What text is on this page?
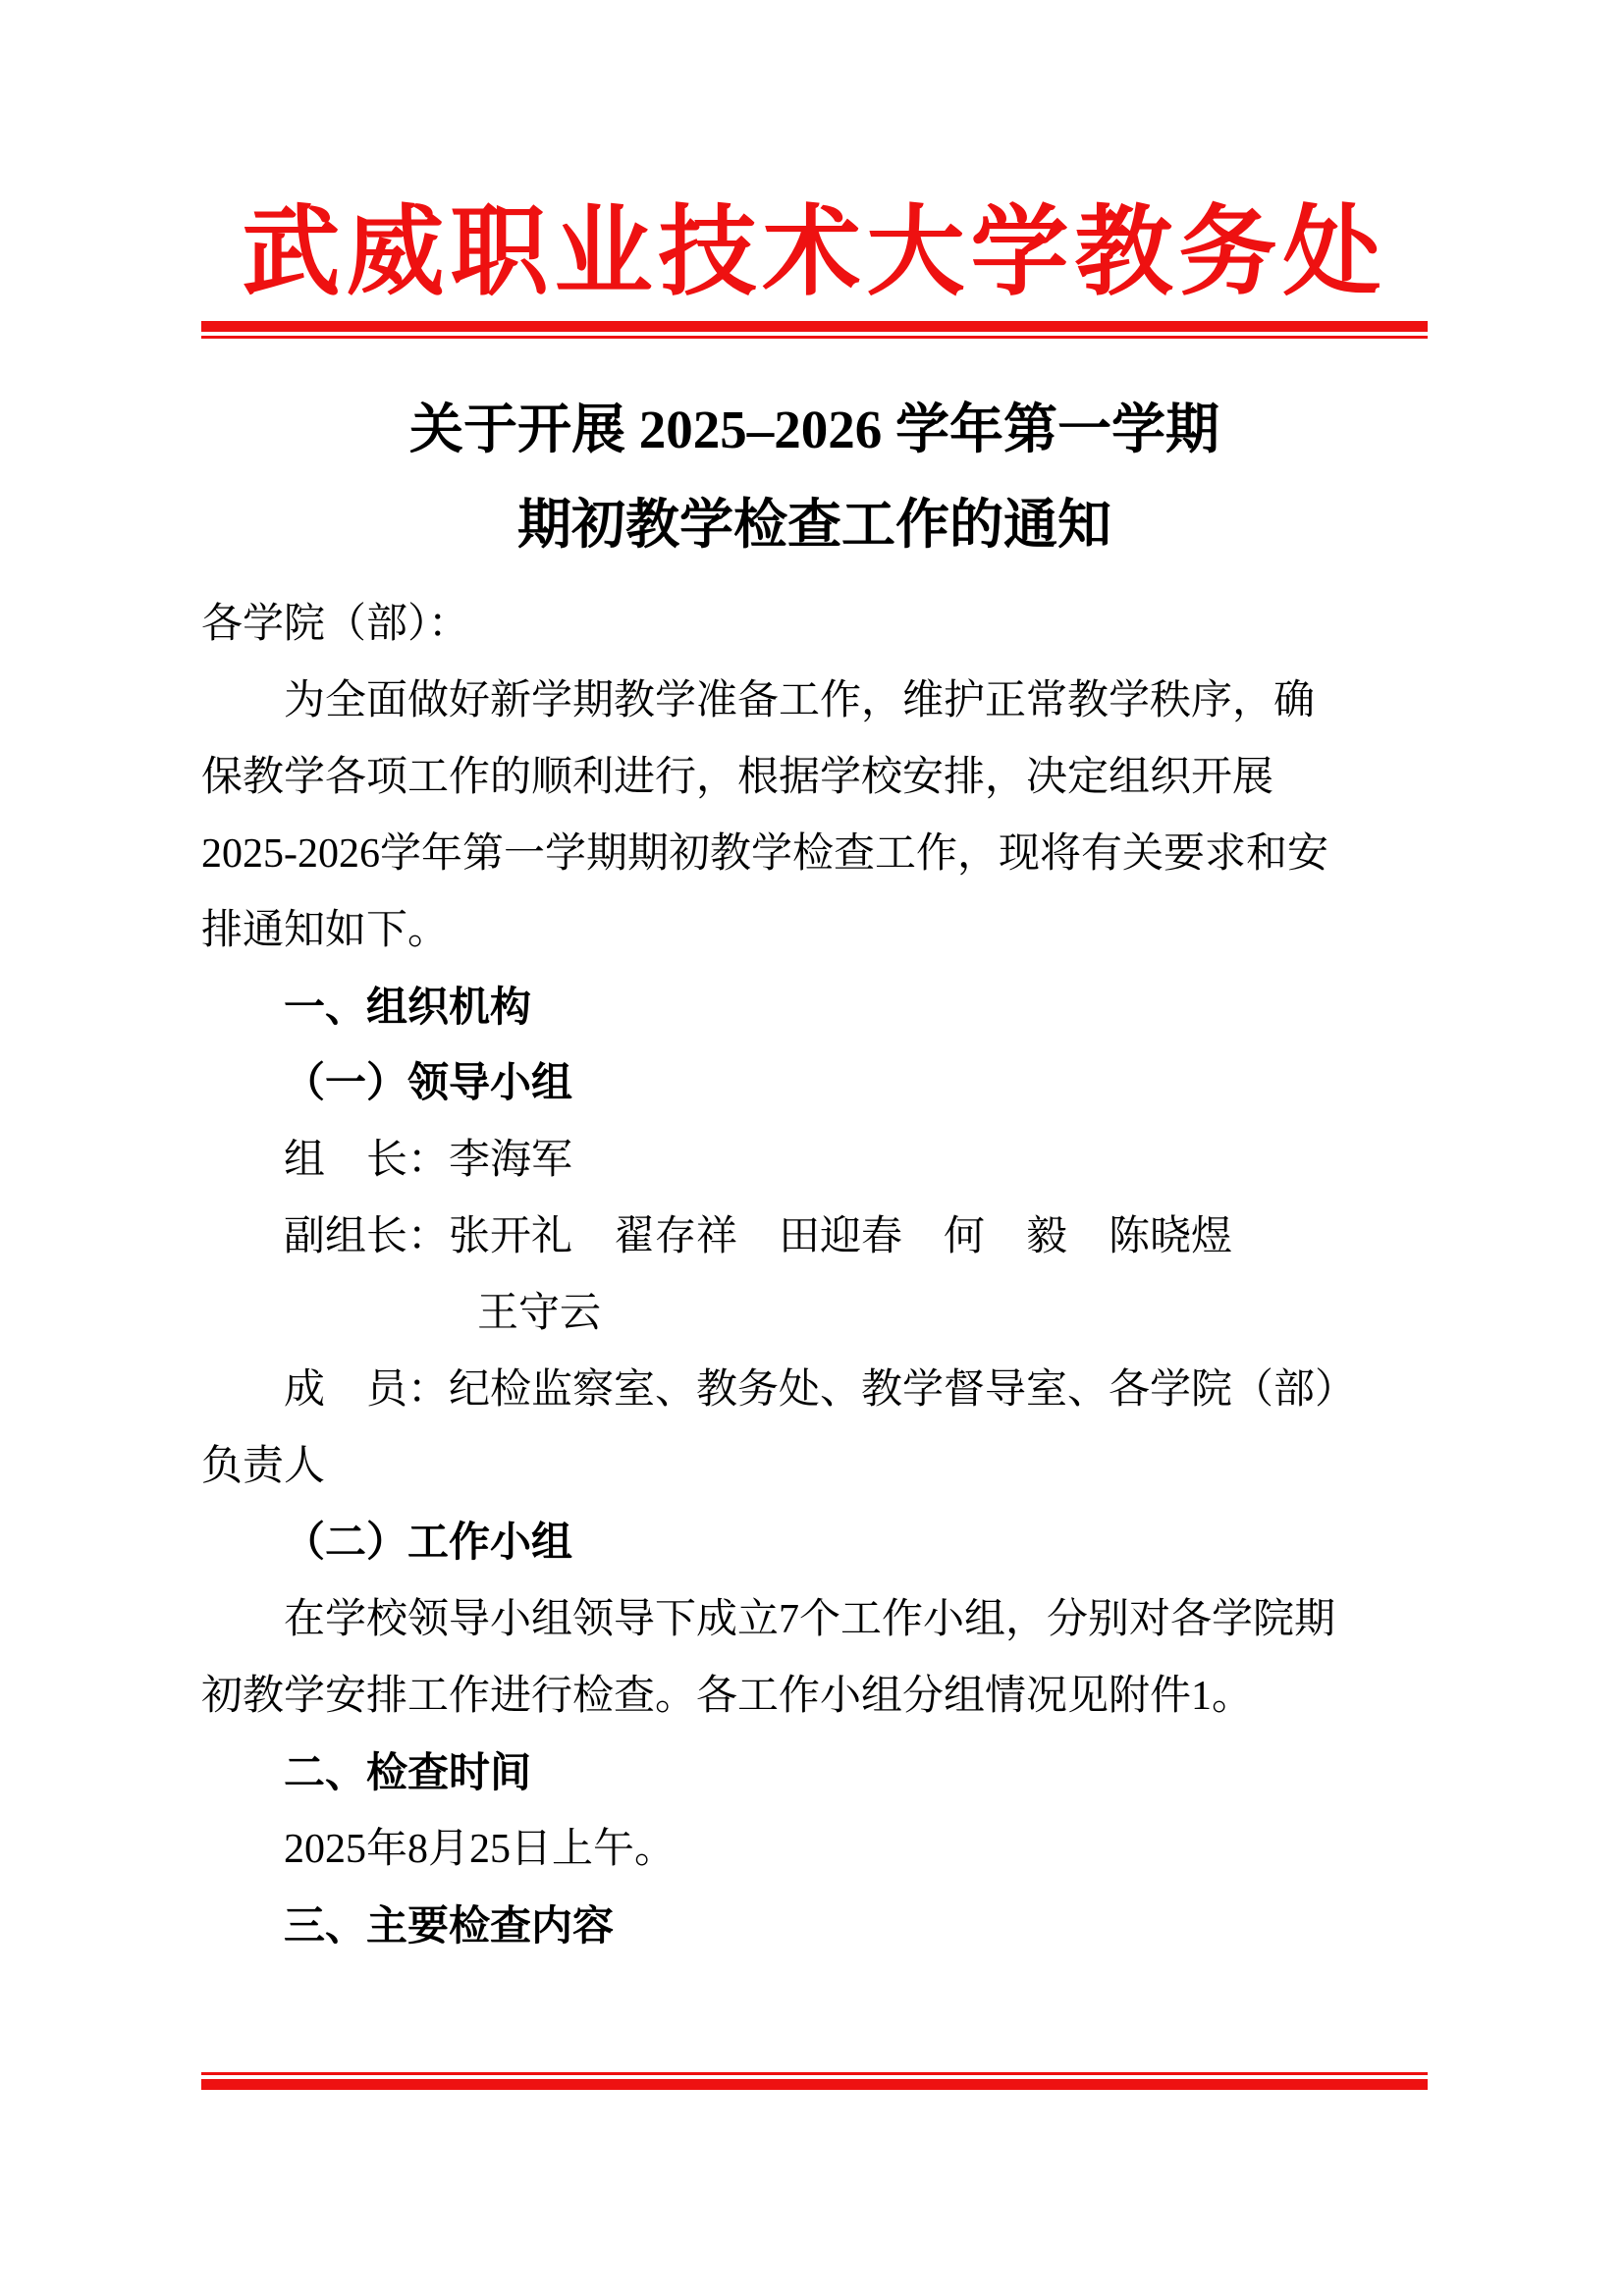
武威职业技术大学教务处
关于开展 2025–2026 学年第一学期
期初教学检查工作的通知
各学院（部）：
为全面做好新学期教学准备工作，维护正常教学秩序，确
保教学各项工作的顺利进行，根据学校安排，决定组织开展
2025-2026学年第一学期期初教学检查工作，现将有关要求和安
排通知如下。
一、组织机构
（一）领导小组
组　长：李海军
副组长：张开礼　翟存祥　田迎春　何　毅　陈晓煜
王守云
成　员：纪检监察室、教务处、教学督导室、各学院（部）
负责人
（二）工作小组
在学校领导小组领导下成立7个工作小组，分别对各学院期
初教学安排工作进行检查。各工作小组分组情况见附件1。
二、检查时间
2025年8月25日上午。
三、主要检查内容
